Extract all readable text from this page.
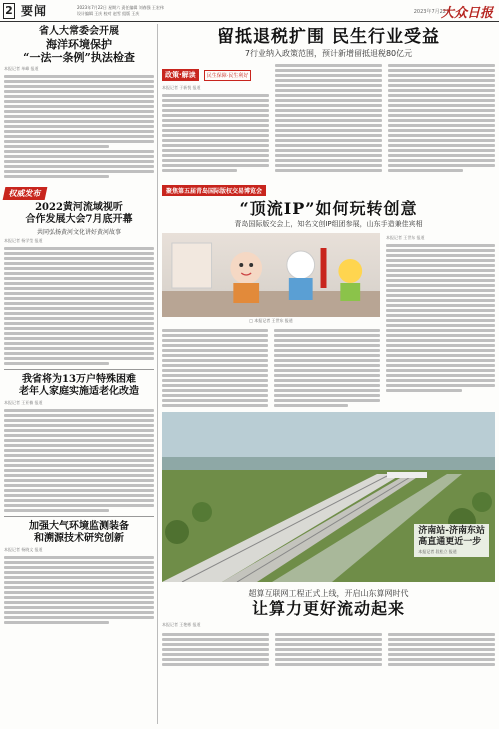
2 要闻	2023年7月22日 星期六 责任编辑 刘春强 王宏伟
设计编辑 王庆 校对 赵雪 组版 王庆	2023年7月22日
大众日报
省人大常委会开展
海洋环境保护
“一法一条例”执法检查
本报记者 单峰 报道
权威发布
2022黄河流域视听
合作发展大会7月底开幕
共同弘扬黄河文化讲好黄河故事
本报记者 杨学莹 报道
我省将为13万户特殊困难
老年人家庭实施适老化改造
本报记者 王亚楠 报道
加强大气环境监测装备
和溯源技术研究创新
本报记者 杨晓文 报道
留抵退税扩围 民生行业受益
7行业纳入政策范围，预计新增留抵退税80亿元
政策·解读	民生保障·民生利好
本报记者 于新悦 报道
聚焦第五届青岛国际版权交易博览会
“顶流IP”如何玩转创意
青岛国际版交会上，知名文创IP组团参展，山东手造兼佳宾相
□ 本报记者 王世东 报道
本报记者 王世东 报道
济南站-济南东站
高直通更近一步
本报记者 段松立 报道
超算互联网工程正式上线，开启山东算网时代
让算力更好流动起来
本报记者 王艳彬 报道
